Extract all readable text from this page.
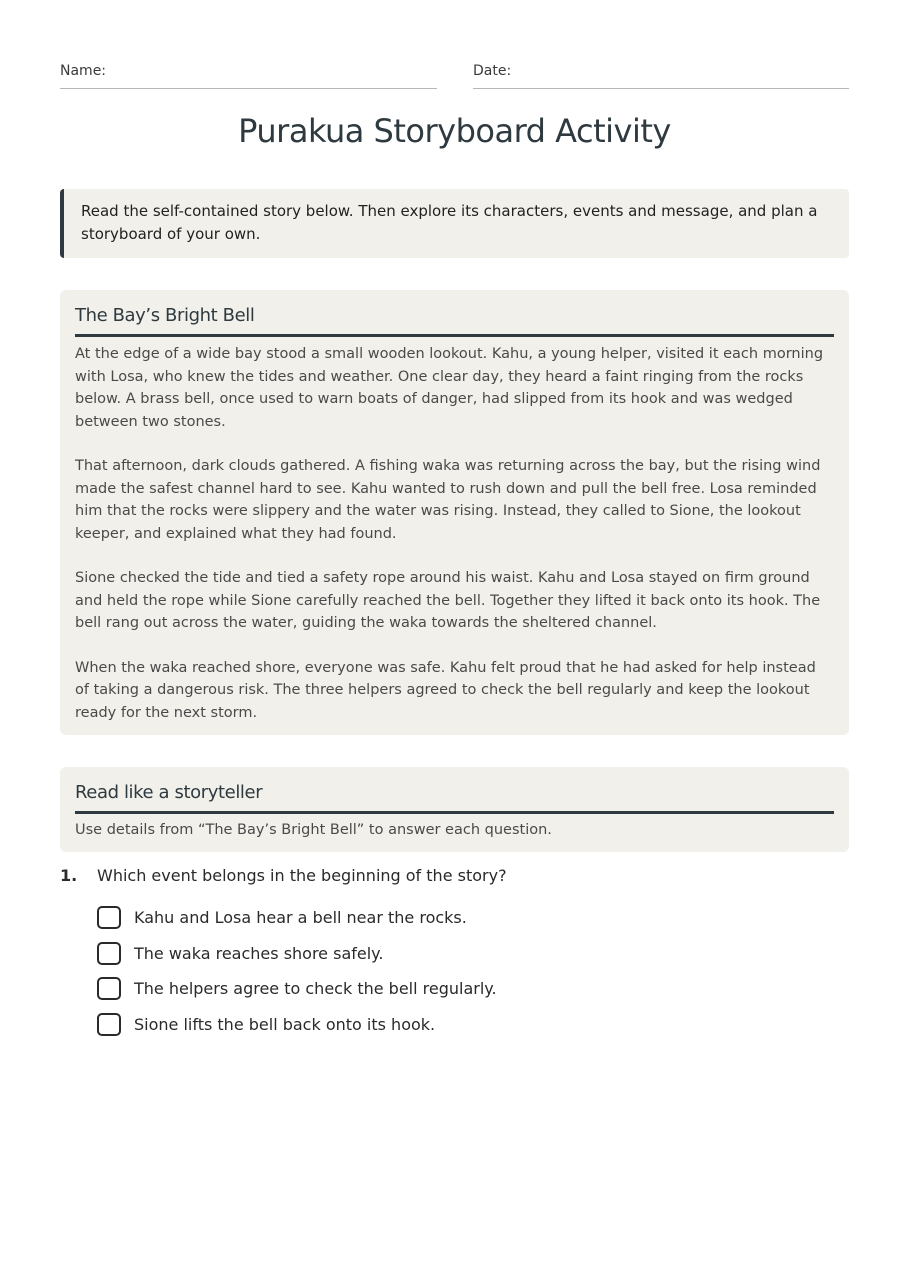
Name:	Date:
Purakua Storyboard Activity
Read the self-contained story below. Then explore its characters, events and message, and plan a storyboard of your own.
The Bay’s Bright Bell

At the edge of a wide bay stood a small wooden lookout. Kahu, a young helper, visited it each morning with Losa, who knew the tides and weather. One clear day, they heard a faint ringing from the rocks below. A brass bell, once used to warn boats of danger, had slipped from its hook and was wedged between two stones.

That afternoon, dark clouds gathered. A fishing waka was returning across the bay, but the rising wind made the safest channel hard to see. Kahu wanted to rush down and pull the bell free. Losa reminded him that the rocks were slippery and the water was rising. Instead, they called to Sione, the lookout keeper, and explained what they had found.

Sione checked the tide and tied a safety rope around his waist. Kahu and Losa stayed on firm ground and held the rope while Sione carefully reached the bell. Together they lifted it back onto its hook. The bell rang out across the water, guiding the waka towards the sheltered channel.

When the waka reached shore, everyone was safe. Kahu felt proud that he had asked for help instead of taking a dangerous risk. The three helpers agreed to check the bell regularly and keep the lookout ready for the next storm.

Read like a storyteller
Use details from “The Bay’s Bright Bell” to answer each question.
1.	Which event belongs in the beginning of the story?
Kahu and Losa hear a bell near the rocks.
The waka reaches shore safely.
The helpers agree to check the bell regularly.
Sione lifts the bell back onto its hook.
